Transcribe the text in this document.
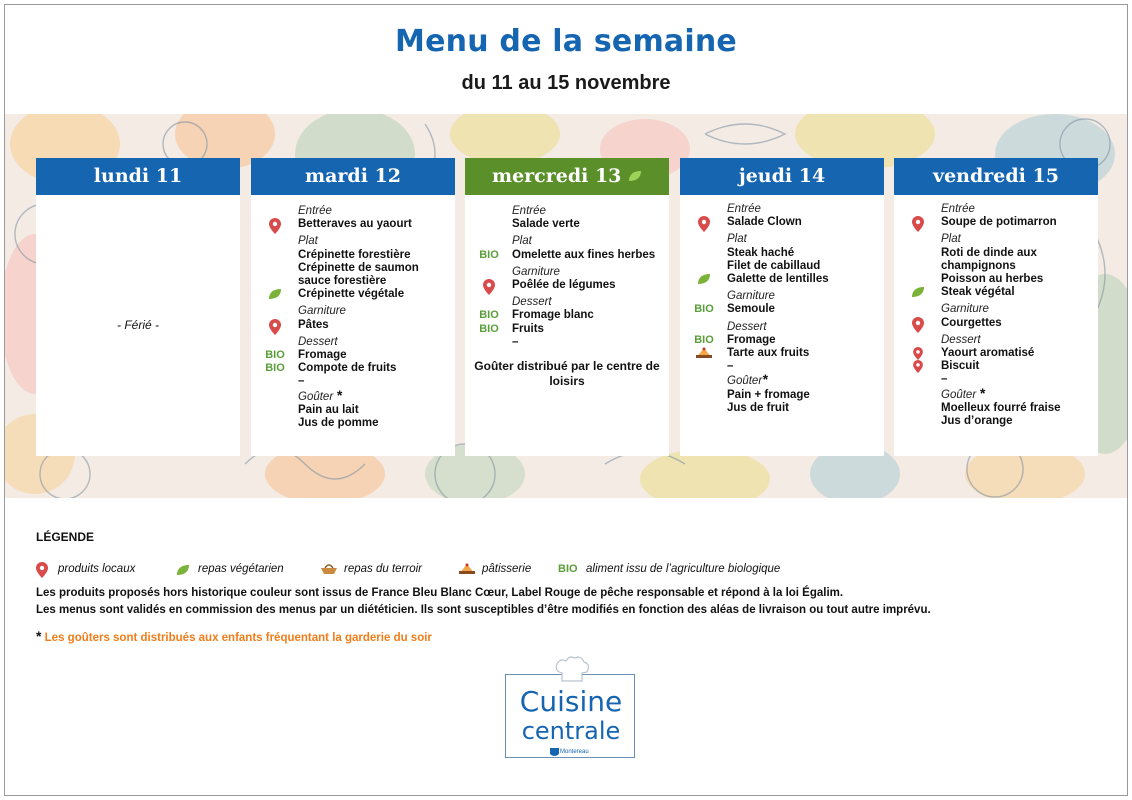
Menu de la semaine
du 11 au 15 novembre
lundi 11
- Férié -
mardi 12
Entrée
Betteraves au yaourt
Plat
Crépinette forestière
Crépinette de saumon sauce forestière
Crépinette végétale
Garniture
Pâtes
Dessert
BIO Fromage
BIO Compote de fruits
–
Goûter *
Pain au lait
Jus de pomme
mercredi 13
Entrée
Salade verte
Plat
BIO Omelette aux fines herbes
Garniture
Poêlée de légumes
Dessert
BIO Fromage blanc
BIO Fruits
–
Goûter distribué par le centre de loisirs
jeudi 14
Entrée
Salade Clown
Plat
Steak haché
Filet de cabillaud
Galette de lentilles
Garniture
BIO Semoule
Dessert
BIO Fromage
Tarte aux fruits
–
Goûter*
Pain + fromage
Jus de fruit
vendredi 15
Entrée
Soupe de potimarron
Plat
Roti de dinde aux champignons
Poisson au herbes
Steak végétal
Garniture
Courgettes
Dessert
Yaourt aromatisé
Biscuit
–
Goûter *
Moelleux fourré fraise
Jus d’orange
LÉGENDE
produits locaux	repas végétarien	repas du terroir	pâtisserie BIO aliment issu de l’agriculture biologique
Les produits proposés hors historique couleur sont issus de France Bleu Blanc Cœur, Label Rouge de pêche responsable et répond à la loi Égalim.
Les menus sont validés en commission des menus par un diététicien. Ils sont susceptibles d’être modifiés en fonction des aléas de livraison ou tout autre imprévu.
* Les goûters sont distribués aux enfants fréquentant la garderie du soir
Cuisine
centrale
Montereau
